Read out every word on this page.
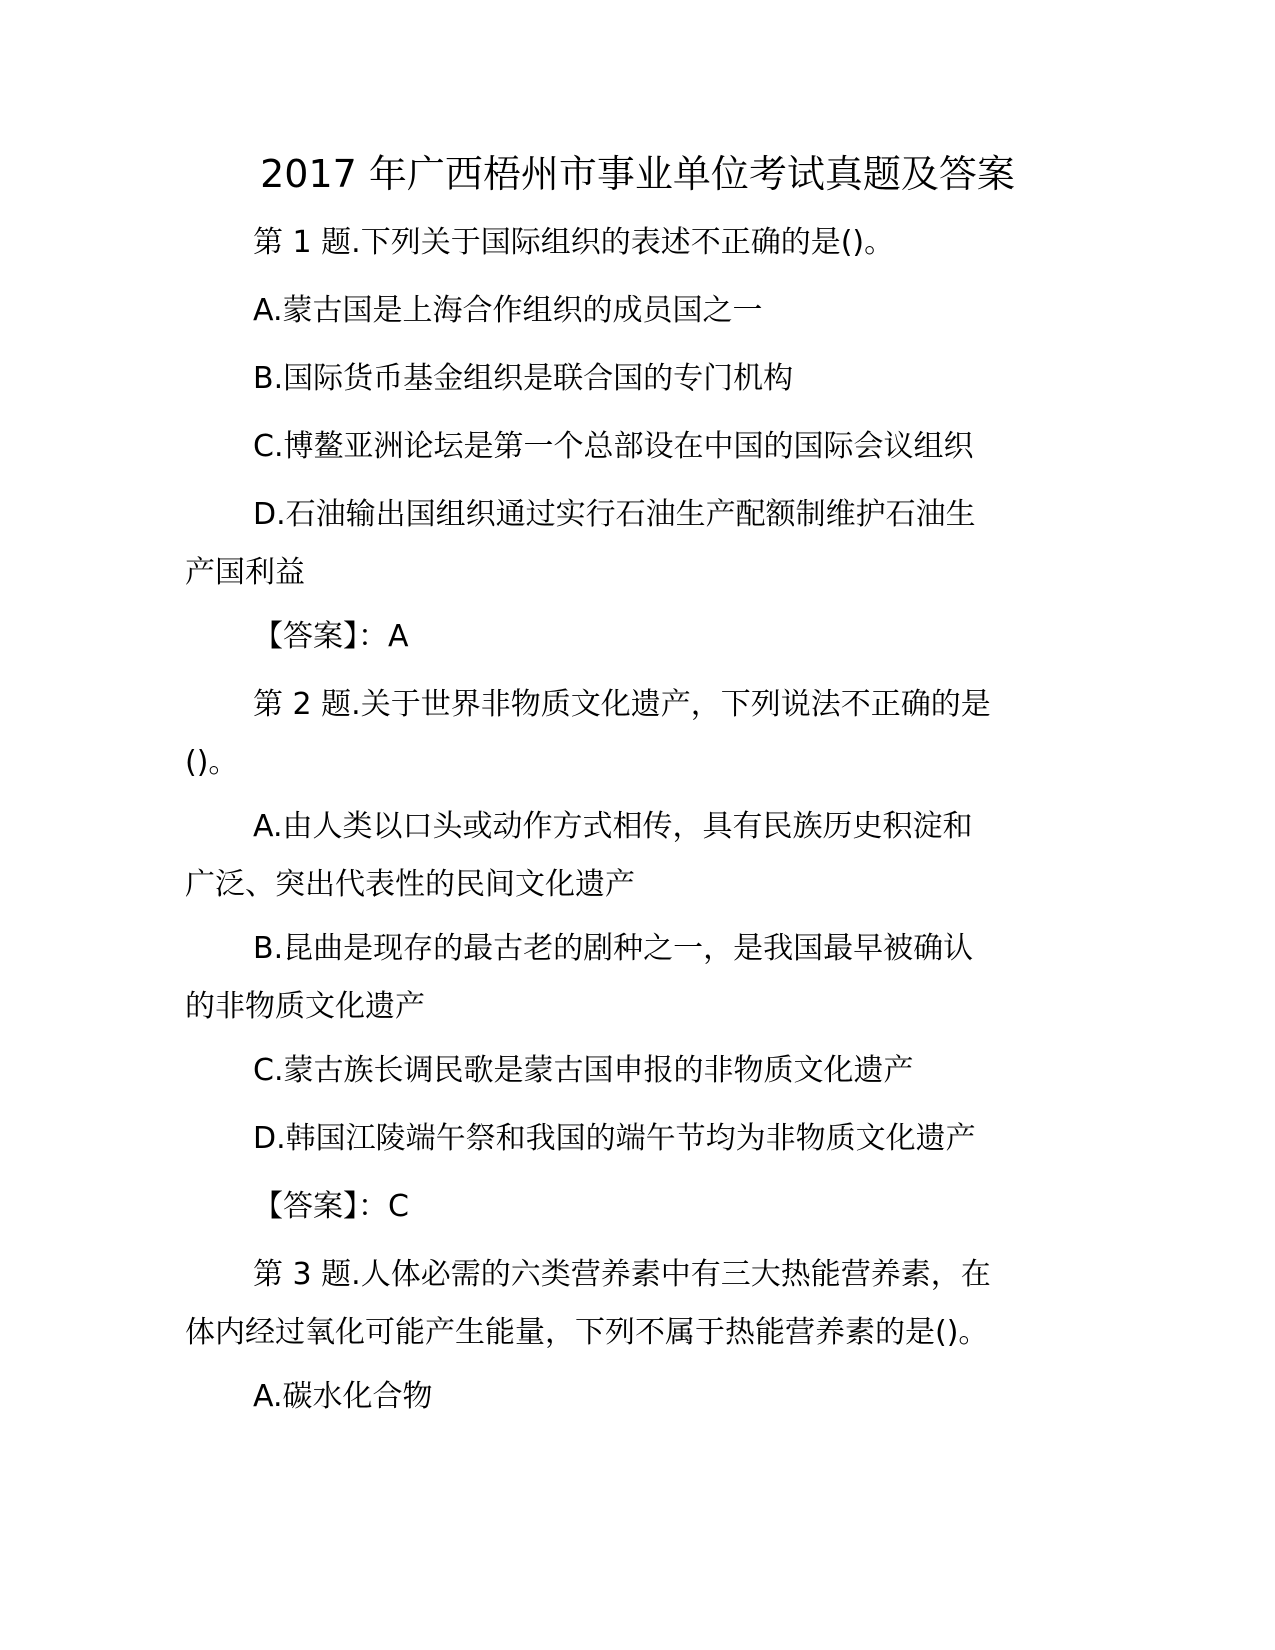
2017 年广西梧州市事业单位考试真题及答案
第 1 题.下列关于国际组织的表述不正确的是()。
A.蒙古国是上海合作组织的成员国之一
B.国际货币基金组织是联合国的专门机构
C.博鳌亚洲论坛是第一个总部设在中国的国际会议组织
D.石油输出国组织通过实行石油生产配额制维护石油生
产国利益
【答案】：A
第 2 题.关于世界非物质文化遗产，下列说法不正确的是
()。
A.由人类以口头或动作方式相传，具有民族历史积淀和
广泛、突出代表性的民间文化遗产
B.昆曲是现存的最古老的剧种之一，是我国最早被确认
的非物质文化遗产
C.蒙古族长调民歌是蒙古国申报的非物质文化遗产
D.韩国江陵端午祭和我国的端午节均为非物质文化遗产
【答案】：C
第 3 题.人体必需的六类营养素中有三大热能营养素，在
体内经过氧化可能产生能量，下列不属于热能营养素的是()。
A.碳水化合物
